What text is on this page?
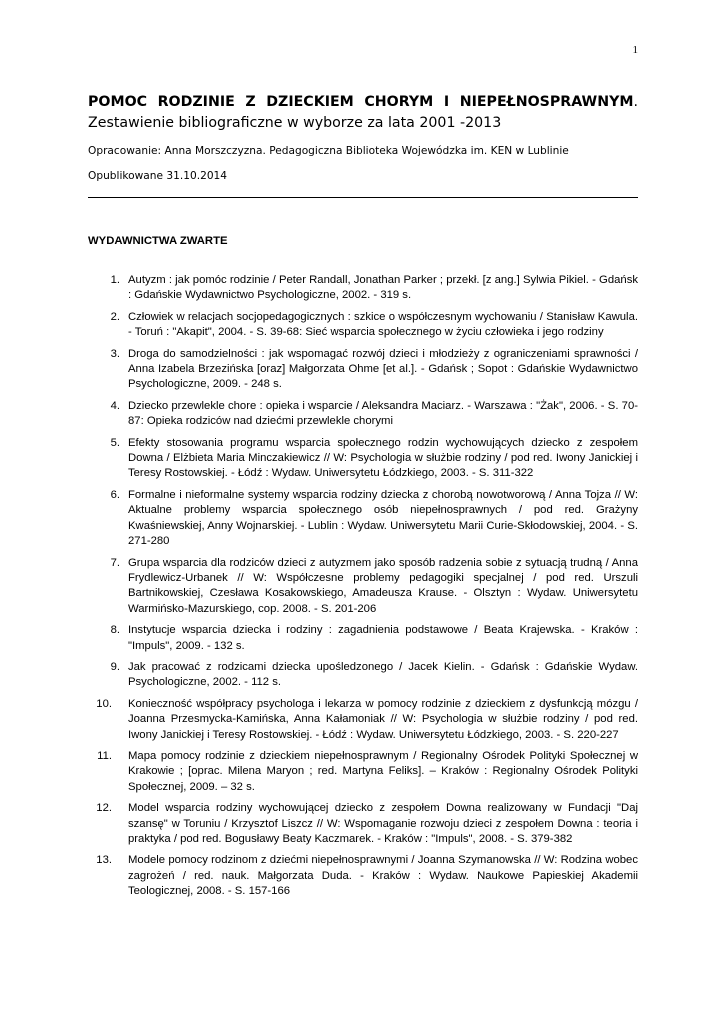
1

POMOC RODZINIE Z DZIECKIEM CHORYM I NIEPEŁNOSPRAWNYM. Zestawienie bibliograficzne w wyborze za lata 2001 -2013

Opracowanie: Anna Morszczyzna. Pedagogiczna Biblioteka Wojewódzka im. KEN w Lublinie

Opublikowane 31.10.2014

WYDAWNICTWA ZWARTE
1. Autyzm : jak pomóc rodzinie / Peter Randall, Jonathan Parker ; przekł. [z ang.] Sylwia Pikiel. - Gdańsk : Gdańskie Wydawnictwo Psychologiczne, 2002. - 319 s.
2. Człowiek w relacjach socjopedagogicznych : szkice o współczesnym wychowaniu / Stanisław Kawula. - Toruń : "Akapit", 2004. - S. 39-68: Sieć wsparcia społecznego w życiu człowieka i jego rodziny
3. Droga do samodzielności : jak wspomagać rozwój dzieci i młodzieży z ograniczeniami sprawności / Anna Izabela Brzezińska [oraz] Małgorzata Ohme [et al.]. - Gdańsk ; Sopot : Gdańskie Wydawnictwo Psychologiczne, 2009. - 248 s.
4. Dziecko przewlekle chore : opieka i wsparcie / Aleksandra Maciarz. - Warszawa : "Żak", 2006. - S. 70-87: Opieka rodziców nad dziećmi przewlekle chorymi
5. Efekty stosowania programu wsparcia społecznego rodzin wychowujących dziecko z zespołem Downa / Elżbieta Maria Minczakiewicz // W: Psychologia w służbie rodziny / pod red. Iwony Janickiej i Teresy Rostowskiej. - Łódź : Wydaw. Uniwersytetu Łódzkiego, 2003. - S. 311-322
6. Formalne i nieformalne systemy wsparcia rodziny dziecka z chorobą nowotworową / Anna Tojza // W: Aktualne problemy wsparcia społecznego osób niepełnosprawnych / pod red. Grażyny Kwaśniewskiej, Anny Wojnarskiej. - Lublin : Wydaw. Uniwersytetu Marii Curie-Skłodowskiej, 2004. - S. 271-280
7. Grupa wsparcia dla rodziców dzieci z autyzmem jako sposób radzenia sobie z sytuacją trudną / Anna Frydlewicz-Urbanek // W: Współczesne problemy pedagogiki specjalnej / pod red. Urszuli Bartnikowskiej, Czesława Kosakowskiego, Amadeusza Krause. - Olsztyn : Wydaw. Uniwersytetu Warmińsko-Mazurskiego, cop. 2008. - S. 201-206
8. Instytucje wsparcia dziecka i rodziny : zagadnienia podstawowe / Beata Krajewska. - Kraków : "Impuls", 2009. - 132 s.
9. Jak pracować z rodzicami dziecka upośledzonego / Jacek Kielin. - Gdańsk : Gdańskie Wydaw. Psychologiczne, 2002. - 112 s.
10. Konieczność współpracy psychologa i lekarza w pomocy rodzinie z dzieckiem z dysfunkcją mózgu / Joanna Przesmycka-Kamińska, Anna Kałamoniak // W: Psychologia w służbie rodziny / pod red. Iwony Janickiej i Teresy Rostowskiej. - Łódź : Wydaw. Uniwersytetu Łódzkiego, 2003. - S. 220-227
11. Mapa pomocy rodzinie z dzieckiem niepełnosprawnym / Regionalny Ośrodek Polityki Społecznej w Krakowie ; [oprac. Milena Maryon ; red. Martyna Feliks]. – Kraków : Regionalny Ośrodek Polityki Społecznej, 2009. – 32 s.
12. Model wsparcia rodziny wychowującej dziecko z zespołem Downa realizowany w Fundacji "Daj szansę" w Toruniu / Krzysztof Liszcz // W: Wspomaganie rozwoju dzieci z zespołem Downa : teoria i praktyka / pod red. Bogusławy Beaty Kaczmarek. - Kraków : "Impuls", 2008. - S. 379-382
13. Modele pomocy rodzinom z dziećmi niepełnosprawnymi / Joanna Szymanowska // W: Rodzina wobec zagrożeń / red. nauk. Małgorzata Duda. - Kraków : Wydaw. Naukowe Papieskiej Akademii Teologicznej, 2008. - S. 157-166
